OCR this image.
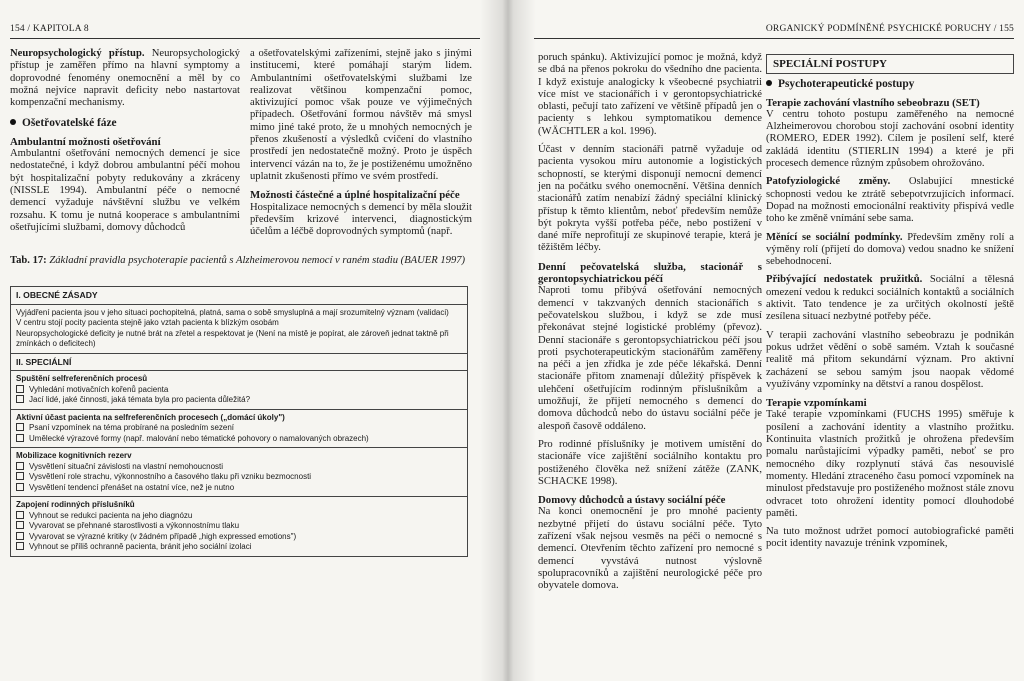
154 / KAPITOLA 8

Neuropsychologický přístup. Neuropsychologický přístup je zaměřen přímo na hlavní symptomy a doprovodné fenomény onemocnění a měl by co možná nejvíce napravit deficity nebo nastartovat kompenzační mechanismy.

Ošetřovatelské fáze
Ambulantní možnosti ošetřování

Ambulantní ošetřování nemocných demencí je sice nedostatečné, i když dobrou ambulantní péčí mohou být hospitalizační pobyty redukovány a zkráceny (NISSLE 1994). Ambulantní péče o nemocné demencí vyžaduje návštěvní službu ve velkém rozsahu. K tomu je nutná kooperace s ambulantními ošetřujícími službami, domovy důchodců

a ošetřovatelskými zařízeními, stejně jako s jinými institucemi, které pomáhají starým lidem. Ambulantními ošetřovatelskými službami lze realizovat většinou kompenzační pomoc, aktivizující pomoc však pouze ve výjimečných případech. Ošetřování formou návštěv má smysl mimo jiné také proto, že u mnohých nemocných je přenos zkušeností a výsledků cvičení do vlastního prostředí jen nedostatečně možný. Proto je úspěch intervencí vázán na to, že je postiženému umožněno uplatnit zkušenosti přímo ve svém prostředí.

Možnosti částečné a úplné hospitalizační péče

Hospitalizace nemocných s demencí by měla sloužit především krizové intervenci, diagnostickým účelům a léčbě doprovodných symptomů (např.

Tab. 17: Základní pravidla psychoterapie pacientů s Alzheimerovou nemocí v raném stadiu (BAUER 1997)
I. OBECNÉ ZÁSADY

Vyjádření pacienta jsou v jeho situaci pochopitelná, platná, sama o sobě smysluplná a mají srozumitelný význam (validaci)
V centru stojí pocity pacienta stejně jako vztah pacienta k blízkým osobám
Neuropsychologické deficity je nutné brát na zřetel a respektovat je (Není na místě je popírat, ale zároveň jednat taktně při zmínkách o deficitech)

II. SPECIÁLNÍ

Spuštění selfreferenčních procesů
Vyhledání motivačních kořenů pacienta
Jací lidé, jaké činnosti, jaká témata byla pro pacienta důležitá?

Aktivní účast pacienta na selfreferenčních procesech („domácí úkoly")
Psaní vzpomínek na téma probírané na posledním sezení
Umělecké výrazové formy (např. malování nebo tématické pohovory o namalovaných obrazech)

Mobilizace kognitivních rezerv
Vysvětlení situační závislosti na vlastní nemohoucnosti
Vysvětlení role strachu, výkonnostního a časového tlaku při vzniku bezmocnosti
Vysvětlení tendencí přenášet na ostatní více, než je nutno

Zapojení rodinných příslušníků
Vyhnout se redukci pacienta na jeho diagnózu
Vyvarovat se přehnané starostlivosti a výkonnostnímu tlaku
Vyvarovat se výrazné kritiky (v žádném případě „high expressed emotions")
Vyhnout se příliš ochranně pacienta, bránit jeho sociální izolaci
ORGANICKÝ PODMÍNĚNÉ PSYCHICKÉ PORUCHY / 155

poruch spánku). Aktivizující pomoc je možná, když se dbá na přenos pokroku do všedního dne pacienta. I když existuje analogicky k všeobecné psychiatrii více míst ve stacionářích i v gerontopsychiatrické oblasti, pečují tato zařízení ve většině případů jen o pacienty s lehkou symptomatikou demence (WÄCHTLER a kol. 1996).

Účast v denním stacionáři patrně vyžaduje od pacienta vysokou míru autonomie a logistických schopností, se kterými disponují nemocní demencí jen na počátku svého onemocnění. Většina denních stacionářů zatím nenabízí žádný speciální klinický přístup k těmto klientům, neboť především nemůže být pokryta vyšší potřeba péče, nebo postižení v dané míře neprofitují ze skupinové terapie, která je těžištěm léčby.

Denní pečovatelská služba, stacionář s gerontopsychiatrickou péčí

Naproti tomu přibývá ošetřování nemocných demencí v takzvaných denních stacionářích s pečovatelskou službou, i když se zde musí překonávat stejné logistické problémy (převoz). Denní stacionáře s gerontopsychiatrickou péčí jsou proti psychoterapeutickým stacionářům zaměřeny na péči a jen zřídka je zde péče lékařská. Denní stacionáře přitom znamenají důležitý příspěvek k ulehčení ošetřujícím rodinným příslušníkům a umožňují, že přijetí nemocného s demencí do domova důchodců nebo do ústavu sociální péče je alespoň časově oddáleno.

Pro rodinné příslušníky je motivem umístění do stacionáře více zajištění sociálního kontaktu pro postiženého člověka než snížení zátěže (ZANK, SCHACKE 1998).

Domovy důchodců a ústavy sociální péče

Na konci onemocnění je pro mnohé pacienty nezbytné přijetí do ústavu sociální péče. Tyto zařízení však nejsou vesměs na péči o nemocné s demencí. Otevřením těchto zařízení pro nemocné s demencí vyvstává nutnost výslovně spolupracovníků a zajištění neurologické péče pro obyvatele domova.

SPECIÁLNÍ POSTUPY
Psychoterapeutické postupy
Terapie zachování vlastního sebeobrazu (SET)

V centru tohoto postupu zaměřeného na nemocné Alzheimerovou chorobou stojí zachování osobní identity (ROMERO, EDER 1992). Cílem je posílení self, které zakládá identitu (STIERLIN 1994) a které je při procesech demence různým způsobem ohrožováno.

Patofyziologické změny. Oslabující mnestické schopnosti vedou ke ztrátě sebepotvrzujících informací. Dopad na možnosti emocionální reaktivity přispívá vedle toho ke změně vnímání sebe sama.

Měnící se sociální podmínky. Především změny rolí a výměny rolí (přijetí do domova) vedou snadno ke snížení sebehodnocení.

Přibývající nedostatek pružitků. Sociální a tělesná omezení vedou k redukci sociálních kontaktů a sociálních aktivit. Tato tendence je za určitých okolností ještě zesílena situací nezbytné potřeby péče.

V terapii zachování vlastního sebeobrazu je podnikán pokus udržet vědění o sobě samém. Vztah k současné realitě má přitom sekundární význam. Pro aktivní zacházení se sebou samým jsou naopak vědomé využívány vzpomínky na dětství a ranou dospělost.

Terapie vzpomínkami

Také terapie vzpomínkami (FUCHS 1995) směřuje k posílení a zachování identity a vlastního prožitku. Kontinuita vlastních prožitků je ohrožena především pomalu narůstajícími výpadky paměti, neboť se pro nemocného díky rozplynutí stává čas nesouvislé momenty. Hledání ztraceného času pomocí vzpomínek na minulost představuje pro postiženého možnost stále znovu odvracet toto ohrožení identity pomocí dlouhodobé paměti.

Na tuto možnost udržet pomocí autobiografické paměti pocit identity navazuje trénink vzpomínek,
